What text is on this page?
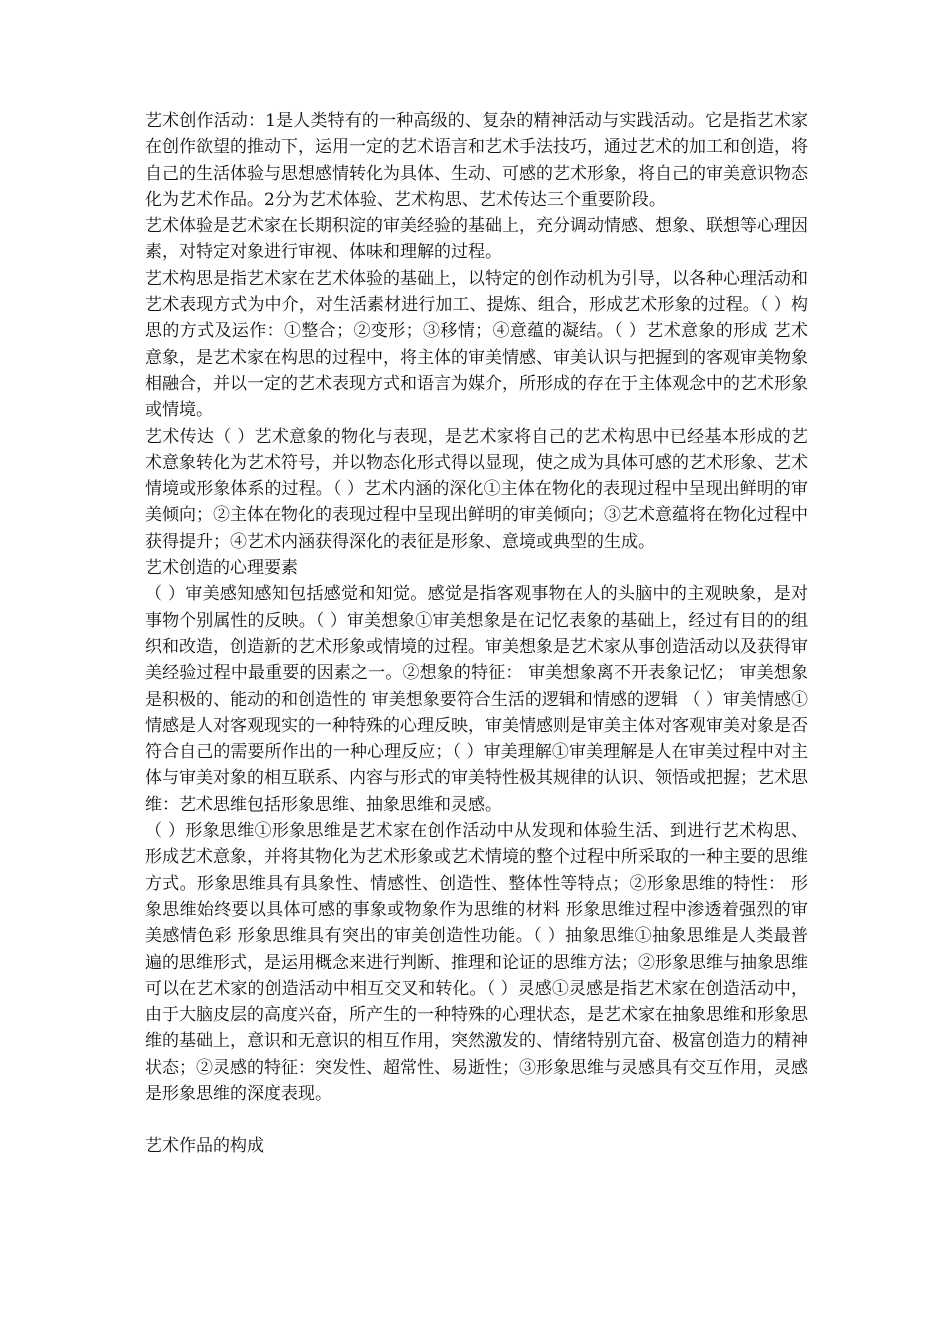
艺术创作活动：1是人类特有的一种高级的、复杂的精神活动与实践活动。它是指艺术家在创作欲望的推动下，运用一定的艺术语言和艺术手法技巧，通过艺术的加工和创造，将自己的生活体验与思想感情转化为具体、生动、可感的艺术形象，将自己的审美意识物态化为艺术作品。2分为艺术体验、艺术构思、艺术传达三个重要阶段。

艺术体验是艺术家在长期积淀的审美经验的基础上，充分调动情感、想象、联想等心理因素，对特定对象进行审视、体味和理解的过程。

艺术构思是指艺术家在艺术体验的基础上，以特定的创作动机为引导，以各种心理活动和艺术表现方式为中介，对生活素材进行加工、提炼、组合，形成艺术形象的过程。（ ）构思的方式及运作：①整合；②变形；③移情；④意蕴的凝结。（ ）艺术意象的形成 艺术意象，是艺术家在构思的过程中，将主体的审美情感、审美认识与把握到的客观审美物象相融合，并以一定的艺术表现方式和语言为媒介，所形成的存在于主体观念中的艺术形象或情境。

艺术传达（ ）艺术意象的物化与表现，是艺术家将自己的艺术构思中已经基本形成的艺术意象转化为艺术符号，并以物态化形式得以显现，使之成为具体可感的艺术形象、艺术情境或形象体系的过程。（ ）艺术内涵的深化①主体在物化的表现过程中呈现出鲜明的审美倾向；②主体在物化的表现过程中呈现出鲜明的审美倾向；③艺术意蕴将在物化过程中获得提升；④艺术内涵获得深化的表征是形象、意境或典型的生成。

艺术创造的心理要素

（ ）审美感知感知包括感觉和知觉。感觉是指客观事物在人的头脑中的主观映象，是对事物个别属性的反映。（ ）审美想象①审美想象是在记忆表象的基础上，经过有目的的组织和改造，创造新的艺术形象或情境的过程。审美想象是艺术家从事创造活动以及获得审美经验过程中最重要的因素之一。②想象的特征： 审美想象离不开表象记忆； 审美想象是积极的、能动的和创造性的 审美想象要符合生活的逻辑和情感的逻辑 （ ）审美情感①情感是人对客观现实的一种特殊的心理反映，审美情感则是审美主体对客观审美对象是否符合自己的需要所作出的一种心理反应；（ ）审美理解①审美理解是人在审美过程中对主体与审美对象的相互联系、内容与形式的审美特性极其规律的认识、领悟或把握；艺术思维：艺术思维包括形象思维、抽象思维和灵感。

（ ）形象思维①形象思维是艺术家在创作活动中从发现和体验生活、到进行艺术构思、形成艺术意象，并将其物化为艺术形象或艺术情境的整个过程中所采取的一种主要的思维方式。形象思维具有具象性、情感性、创造性、整体性等特点；②形象思维的特性： 形象思维始终要以具体可感的事象或物象作为思维的材料 形象思维过程中渗透着强烈的审美感情色彩 形象思维具有突出的审美创造性功能。（ ）抽象思维①抽象思维是人类最普遍的思维形式，是运用概念来进行判断、推理和论证的思维方法；②形象思维与抽象思维可以在艺术家的创造活动中相互交叉和转化。（ ）灵感①灵感是指艺术家在创造活动中，由于大脑皮层的高度兴奋，所产生的一种特殊的心理状态，是艺术家在抽象思维和形象思维的基础上，意识和无意识的相互作用，突然激发的、情绪特别亢奋、极富创造力的精神状态；②灵感的特征：突发性、超常性、易逝性；③形象思维与灵感具有交互作用，灵感是形象思维的深度表现。

艺术作品的构成
